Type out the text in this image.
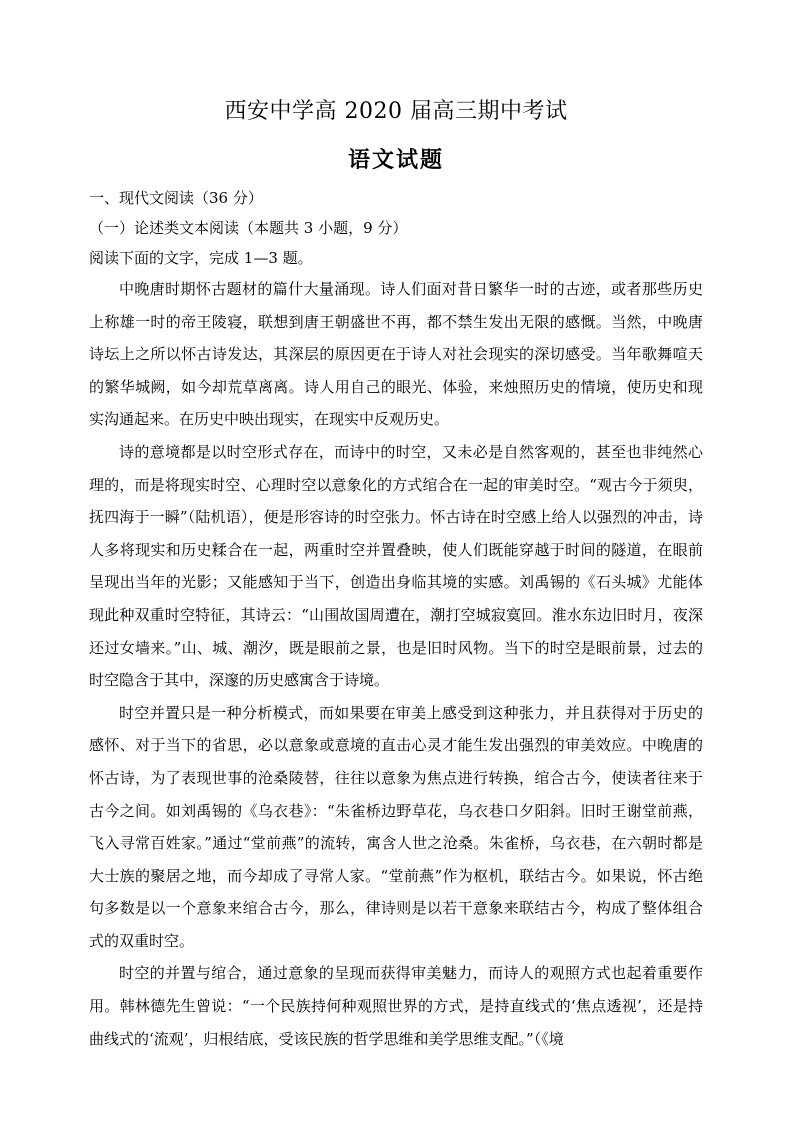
西安中学高 2020 届高三期中考试
语文试题

一、现代文阅读（36 分）

（一）论述类文本阅读（本题共 3 小题，9 分）

阅读下面的文字，完成 1—3 题。

中晚唐时期怀古题材的篇什大量涌现。诗人们面对昔日繁华一时的古迹，或者那些历史上称雄一时的帝王陵寝，联想到唐王朝盛世不再，都不禁生发出无限的感慨。当然，中晚唐诗坛上之所以怀古诗发达，其深层的原因更在于诗人对社会现实的深切感受。当年歌舞喧天的繁华城阙，如今却荒草离离。诗人用自己的眼光、体验，来烛照历史的情境，使历史和现实沟通起来。在历史中映出现实，在现实中反观历史。

诗的意境都是以时空形式存在，而诗中的时空，又未必是自然客观的，甚至也非纯然心理的，而是将现实时空、心理时空以意象化的方式绾合在一起的审美时空。“观古今于须臾，抚四海于一瞬”（陆机语），便是形容诗的时空张力。怀古诗在时空感上给人以强烈的冲击，诗人多将现实和历史糅合在一起，两重时空并置叠映，使人们既能穿越于时间的隧道，在眼前呈现出当年的光影；又能感知于当下，创造出身临其境的实感。刘禹锡的《石头城》尤能体现此种双重时空特征，其诗云：“山围故国周遭在，潮打空城寂寞回。淮水东边旧时月，夜深还过女墙来。”山、城、潮汐，既是眼前之景，也是旧时风物。当下的时空是眼前景，过去的时空隐含于其中，深邃的历史感寓含于诗境。

时空并置只是一种分析模式，而如果要在审美上感受到这种张力，并且获得对于历史的感怀、对于当下的省思，必以意象或意境的直击心灵才能生发出强烈的审美效应。中晚唐的怀古诗，为了表现世事的沧桑陵替，往往以意象为焦点进行转换，绾合古今，使读者往来于古今之间。如刘禹锡的《乌衣巷》：“朱雀桥边野草花，乌衣巷口夕阳斜。旧时王谢堂前燕，飞入寻常百姓家。”通过“堂前燕”的流转，寓含人世之沧桑。朱雀桥，乌衣巷，在六朝时都是大士族的聚居之地，而今却成了寻常人家。“堂前燕”作为枢机，联结古今。如果说，怀古绝句多数是以一个意象来绾合古今，那么，律诗则是以若干意象来联结古今，构成了整体组合式的双重时空。

时空的并置与绾合，通过意象的呈现而获得审美魅力，而诗人的观照方式也起着重要作用。韩林德先生曾说：“一个民族持何种观照世界的方式，是持直线式的‘焦点透视’，还是持曲线式的‘流观’，归根结底，受该民族的哲学思维和美学思维支配。”（《境
